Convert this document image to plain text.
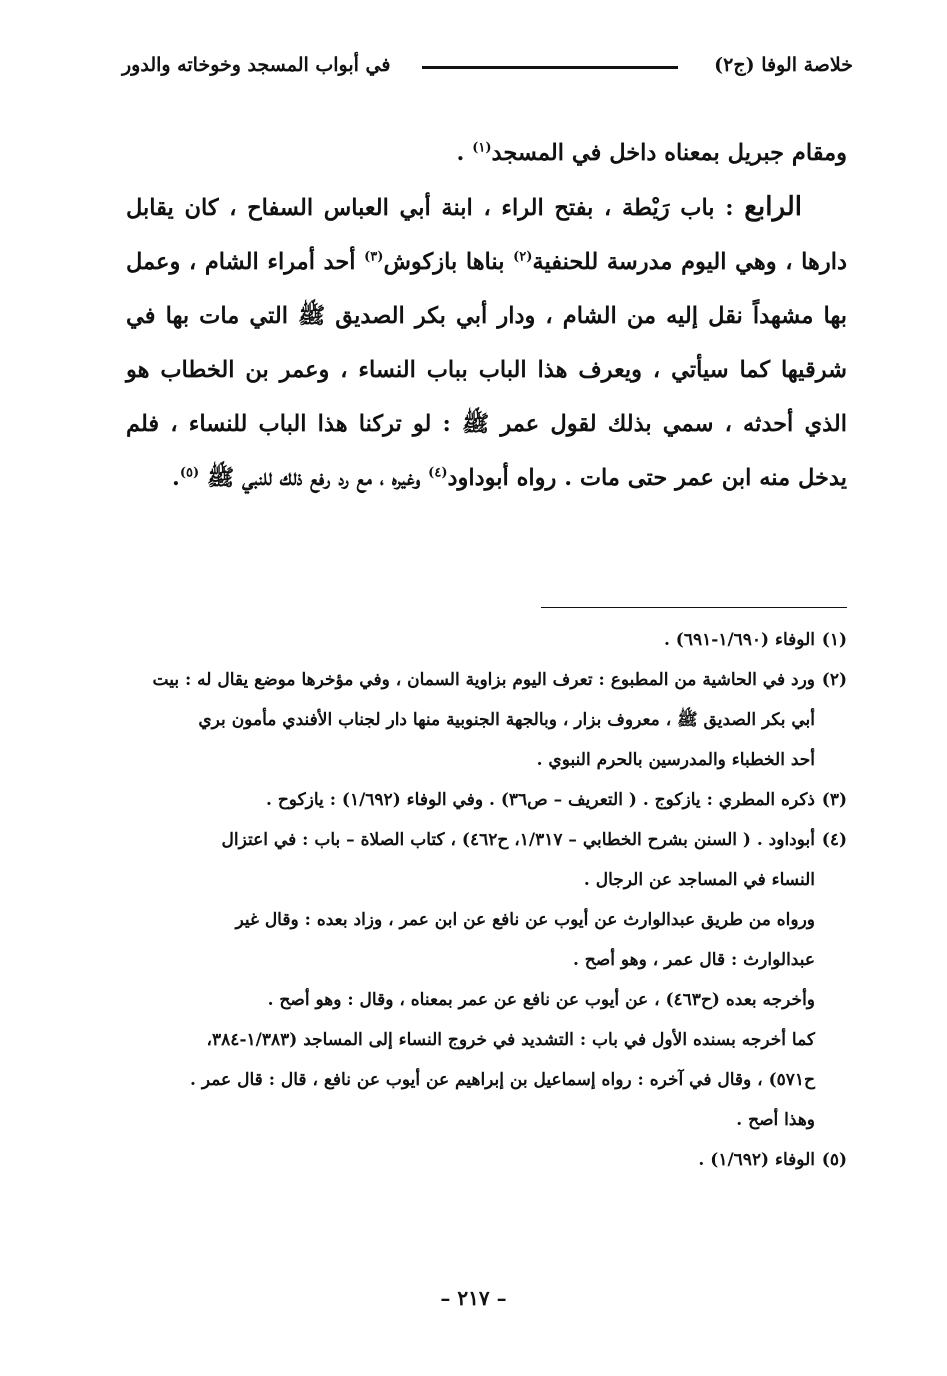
خلاصة الوفا (ج٢)
في أبواب المسجد وخوخاته والدور

ومقام جبريل بمعناه داخل في المسجد$^{(١)}$ .

  الرابع : باب رَيْطة ، بفتح الراء ، ابنة أبي العباس السفاح ، كان يقابل دارها ، وهي اليوم مدرسة للحنفية$^{(٢)}$ بناها بازكوش$^{(٣)}$ أحد أمراء الشام ، وعمل بها مشهداً نقل إليه من الشام ، ودار أبي بكر الصديق ﷺ التي مات بها في شرقيها كما سيأتي ، ويعرف هذا الباب بباب النساء ، وعمر بن الخطاب هو الذي أحدثه ، سمي بذلك لقول عمر ﷺ : لو تركنا هذا الباب للنساء ، فلم يدخل منه ابن عمر حتى مات . رواه أبوداود$^{(٤)}$ وغيره ، مع رد رفع ذلك للنبي ﷺ $^{(٥)}$.

(١)
الوفاء (١/٦٩٠-٦٩١) .
(٢)
ورد في الحاشية من المطبوع : تعرف اليوم بزاوية السمان ، وفي مؤخرها موضع يقال له : بيت
أبي بكر الصديق ﷺ ، معروف بزار ، وبالجهة الجنوبية منها دار لجناب الأفندي مأمون بري
أحد الخطباء والمدرسين بالحرم النبوي .
(٣)
ذكره المطري : يازكوج . ( التعريف – ص٣٦) . وفي الوفاء (١/٦٩٢) : يازكوح .
(٤)
أبوداود . ( السنن بشرح الخطابي – ١/٣١٧، ح٤٦٢) ، كتاب الصلاة – باب : في اعتزال
النساء في المساجد عن الرجال .
ورواه من طريق عبدالوارث عن أيوب عن نافع عن ابن عمر ، وزاد بعده : وقال غير
عبدالوارث : قال عمر ، وهو أصح .
وأخرجه بعده (ح٤٦٣) ، عن أيوب عن نافع عن عمر بمعناه ، وقال : وهو أصح .
كما أخرجه بسنده الأول في باب : التشديد في خروج النساء إلى المساجد (١/٣٨٣-٣٨٤،
ح٥٧١) ، وقال في آخره : رواه إسماعيل بن إبراهيم عن أيوب عن نافع ، قال : قال عمر .
وهذا أصح .
(٥)
الوفاء (١/٦٩٢) .
– ٢١٧ –
